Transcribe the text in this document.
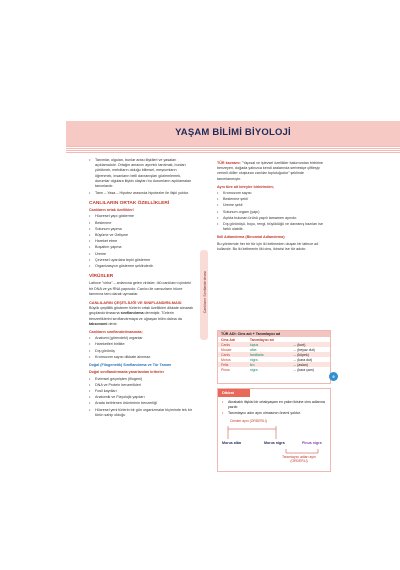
YAŞAM BİLİMİ BİYOLOJİ
Canlıların Sınıflandırılması
• Tanımlar, olguları, bunlar arası ilişkileri ve yasaları açıklamalıdır. Ortağın amacını ayrıntılı tanıtmak, bunları yürütmek, metotların olduğu bilimsel, meşrumların öğrenmek, insanların belli davranışları gözlemlemek, durumlar olgulara ilişkin olayları bu durumların açıklamaları tanımlardır.
• Tanrı – Yasa – Hipotez arasında hipotezler ile ilişki yoktur.
CANLILARIN ORTAK ÖZELLİKLERİ
Canlıların ortak özellikleri
• Hücresel yapı gösterme
• Beslenme
• Solunum yapma
• Büyüme ve Gelişme
• Hareket etme
• Boşaltım yapma
• Üreme
• Çevresel uyarılara tepki gösterme
• Organizasyon gösterme şeklindedir.
VİRÜSLER

Latince "virha" – anlamına gelen virüsler, ölü canlıların içindeki bir DNA ve ya RNA yapısıdır. Canlıcı ile cansızların hücre tanımına tam olarak uymazlar.

CANLILARIN ÇEŞİTLİLİĞİ VE SINIFLANDIRILMASI

Büyük çeşitlilik gösteren türlerin ortak özellikleri dikkate alınarak gruplandırılmasına sınıflandırma denmiştir. Türlerin benzerliklerini sınıflandırmaya ve uğraşan bilim dalına da taksonomi denir.

Canlıların sınıflandırılmasında;
• Anatomi (görevdeki) organlar
• Hareketleri birlikte
• Dış görünüş
• Kromozom sayısı dikkate alınmaz.
Doğal (Filogenetik) Sınıflandırma ve Tür Tanımı
Doğal sınıflandırmada yararlanılan kriterler
• Evrimsel geçmişten (filogeni)
• DNA ve Protein benzerlikleri
• Fosil kayıtları
• Anatomik ve Fizyolojik yapıları
• Arada belirlenen ürünlerinin benzerliği
• Hücresel yeni türlerin bir gün organizmalar biçiminde tek bir türün sahip olduğu

TÜR kavramı: "Yapısal ve işlevsel özellikler bakımından birbirine benzeyen, doğada yalnızca kendi aralarında serbestçe çiftleşip verimli döller oluşturan canlılar topluluğudur" şeklinde tanımlanmıştır.

Aynı türe ait bireyler birbirinden;
• Kromozom sayısı
• Beslenme şekli
• Üreme şekli
• Solunum organı (yapı)
• Açıkta bulunan ürünü yapılı tamamen aynıdır.
• Dış görünüşü, boyu, rengi, büyüklüğü ve davranış bazıları ise farklı olabilir.
İkili Adlandırma (Binomial Adlandırma)

Bu yöntemde her bir tür için iki kelimeden oluşan bir latince ad kullanılır. Bu iki kelimenin ilki cins, ikincisi ise tür adıdır.

TÜR ADI: Cins adı + Tanımlayıcı ad
Cins Adı	Tanımlayıcı ad	
Canis	lupus	→ (kurt)
Mouse	alba	→ (beyaz dut)
Canis	familiaris	→ (köpek)
Morus	nigra	→ (kara dut)
Felis	leo	→ (aslan)
Pinus	nigra	→ (kara çam)
Dikkat
• Akrabalık ilişkisi bir ortakyaşam en yakın ikisine cins adlarına yazılır.
• Tanımlayıcı adın aynı olmasının önemi yoktur.
Cinsleri aynı (ORDERLİ)
Morus alba	Morus nigra	Pinus nigra
Tanımlayıcı adları aynı (ORDERLİ)
9
